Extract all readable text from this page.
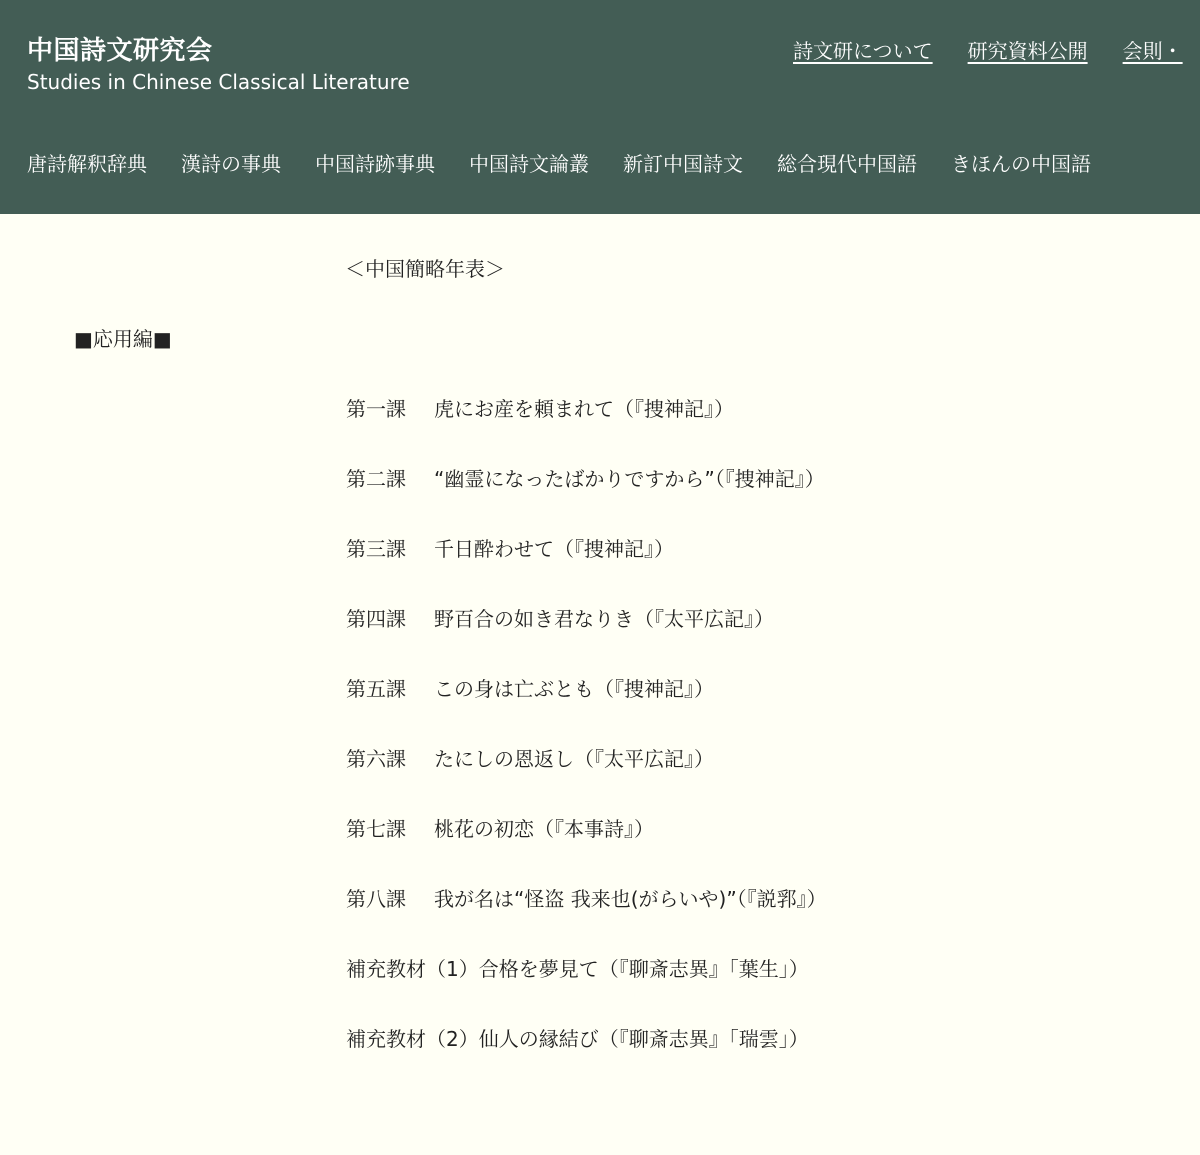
中国詩文研究会
Studies in Chinese Classical Literature
詩文研について 研究資料公開 会則・
唐詩解釈辞典 漢詩の事典 中国詩跡事典 中国詩文論叢 新訂中国詩文 総合現代中国語 きほんの中国語
＜中国簡略年表＞
■応用編■
第一課 虎にお産を頼まれて（『捜神記』）
第二課 “幽霊になったばかりですから”（『捜神記』）
第三課 千日酔わせて（『捜神記』）
第四課 野百合の如き君なりき（『太平広記』）
第五課 この身は亡ぶとも（『捜神記』）
第六課 たにしの恩返し（『太平広記』）
第七課 桃花の初恋（『本事詩』）
第八課 我が名は“怪盗 我来也(がらいや)”（『説郛』）
補充教材（1）合格を夢見て（『聊斎志異』「葉生」）
補充教材（2）仙人の縁結び（『聊斎志異』「瑞雲」）
